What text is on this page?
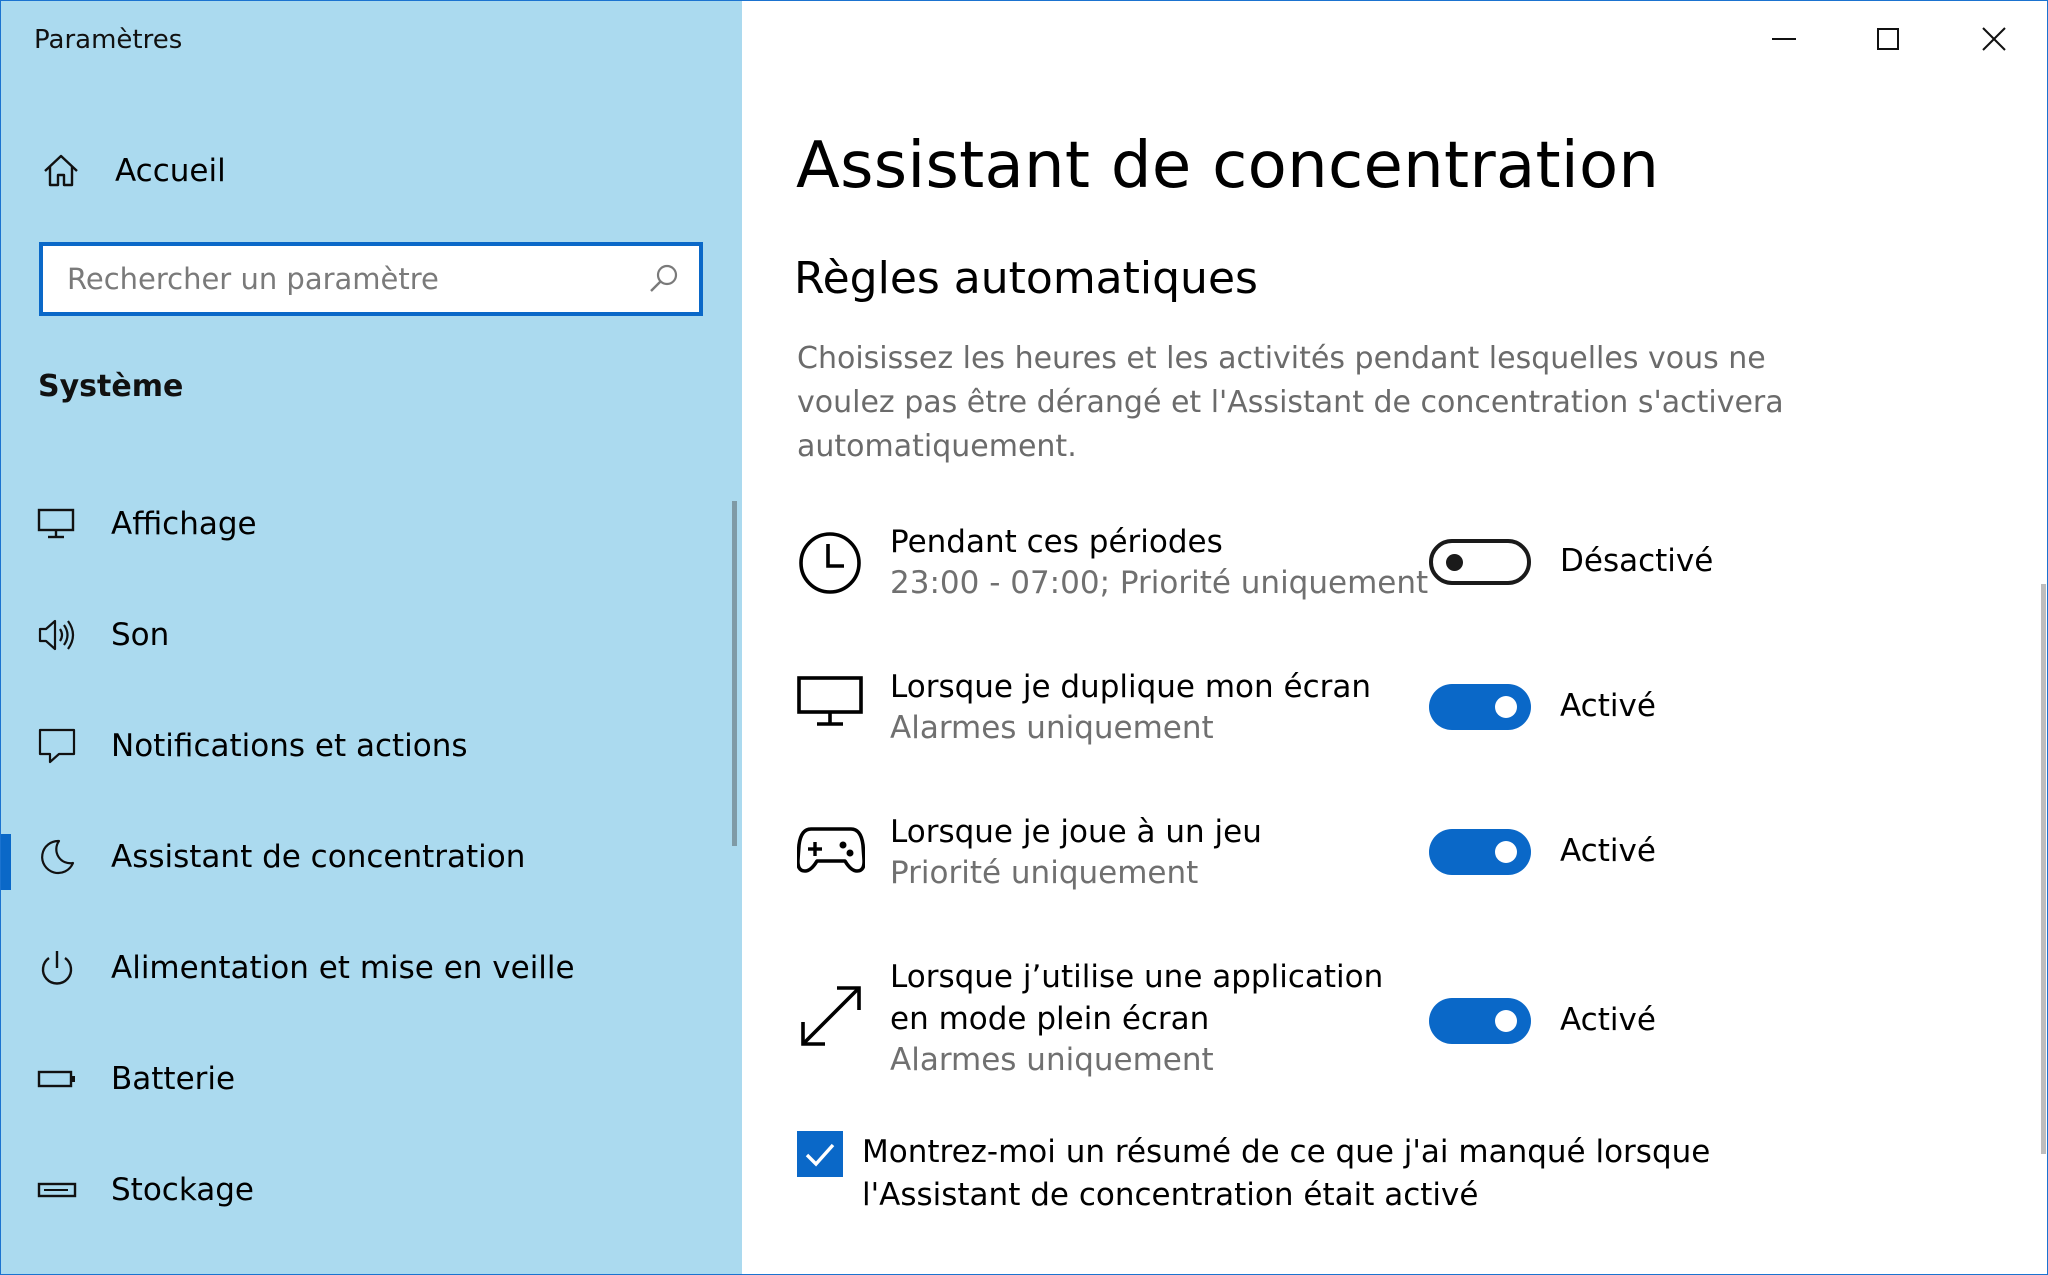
Paramètres
Accueil
Rechercher un paramètre
Système
Affichage
Son
Notifications et actions
Assistant de concentration
Alimentation et mise en veille
Batterie
Stockage
Assistant de concentration
Règles automatiques
Choisissez les heures et les activités pendant lesquelles vous ne voulez pas être dérangé et l'Assistant de concentration s'activera automatiquement.
Pendant ces périodes
23:00 - 07:00; Priorité uniquement
Désactivé
Lorsque je duplique mon écran
Alarmes uniquement
Activé
Lorsque je joue à un jeu
Priorité uniquement
Activé
Lorsque j’utilise une application en mode plein écran
Alarmes uniquement
Activé
Montrez-moi un résumé de ce que j'ai manqué lorsque l'Assistant de concentration était activé
